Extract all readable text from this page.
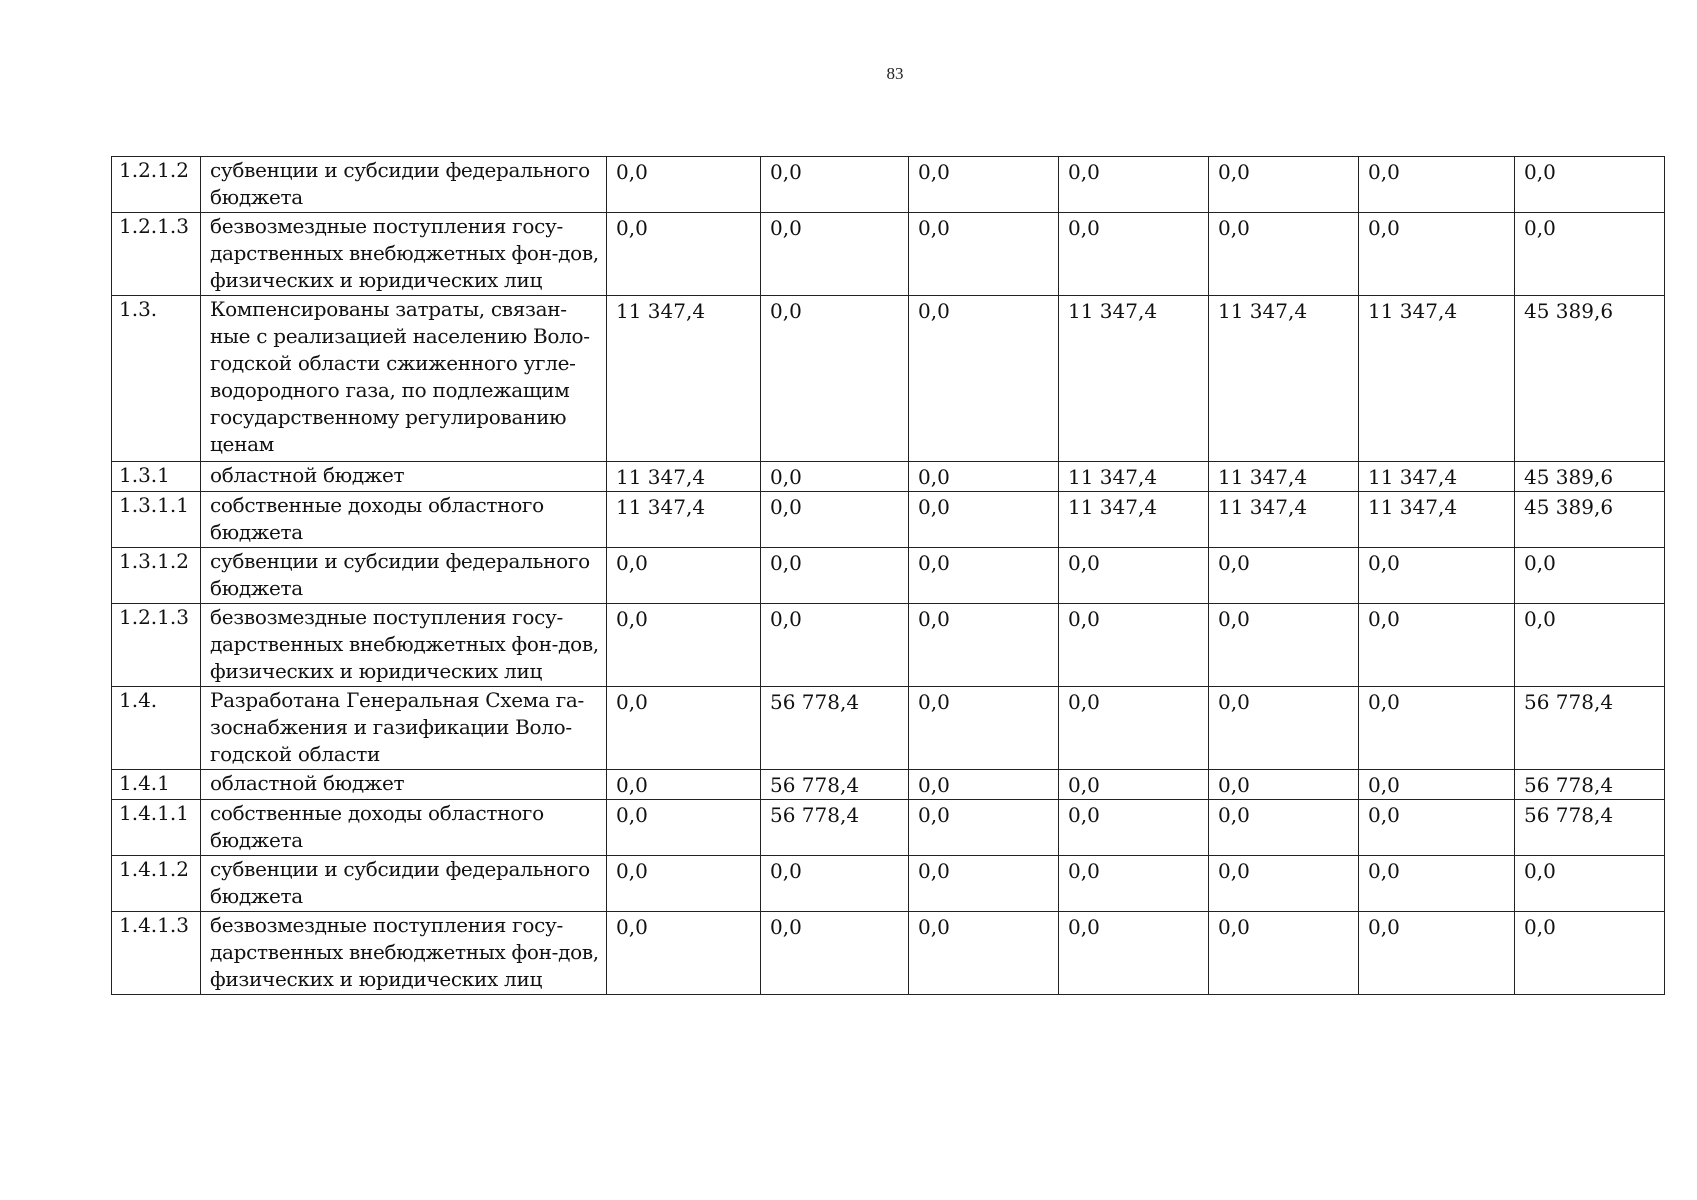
83
1.2.1.2	субвенции и субсидии федерального бюджета	0,0	0,0	0,0	0,0	0,0	0,0	0,0
1.2.1.3	безвозмездные поступления госу-дарственных внебюджетных фон-дов, физических и юридических лиц	0,0	0,0	0,0	0,0	0,0	0,0	0,0
1.3.	Компенсированы затраты, связан-ные с реализацией населению Воло-годской области сжиженного угле-водородного газа, по подлежащим государственному регулированию ценам	11 347,4	0,0	0,0	11 347,4	11 347,4	11 347,4	45 389,6
1.3.1	областной бюджет	11 347,4	0,0	0,0	11 347,4	11 347,4	11 347,4	45 389,6
1.3.1.1	собственные доходы областного бюджета	11 347,4	0,0	0,0	11 347,4	11 347,4	11 347,4	45 389,6
1.3.1.2	субвенции и субсидии федерального бюджета	0,0	0,0	0,0	0,0	0,0	0,0	0,0
1.2.1.3	безвозмездные поступления госу-дарственных внебюджетных фон-дов, физических и юридических лиц	0,0	0,0	0,0	0,0	0,0	0,0	0,0
1.4.	Разработана Генеральная Схема га-зоснабжения и газификации Воло-годской области	0,0	56 778,4	0,0	0,0	0,0	0,0	56 778,4
1.4.1	областной бюджет	0,0	56 778,4	0,0	0,0	0,0	0,0	56 778,4
1.4.1.1	собственные доходы областного бюджета	0,0	56 778,4	0,0	0,0	0,0	0,0	56 778,4
1.4.1.2	субвенции и субсидии федерального бюджета	0,0	0,0	0,0	0,0	0,0	0,0	0,0
1.4.1.3	безвозмездные поступления госу-дарственных внебюджетных фон-дов, физических и юридических лиц	0,0	0,0	0,0	0,0	0,0	0,0	0,0
